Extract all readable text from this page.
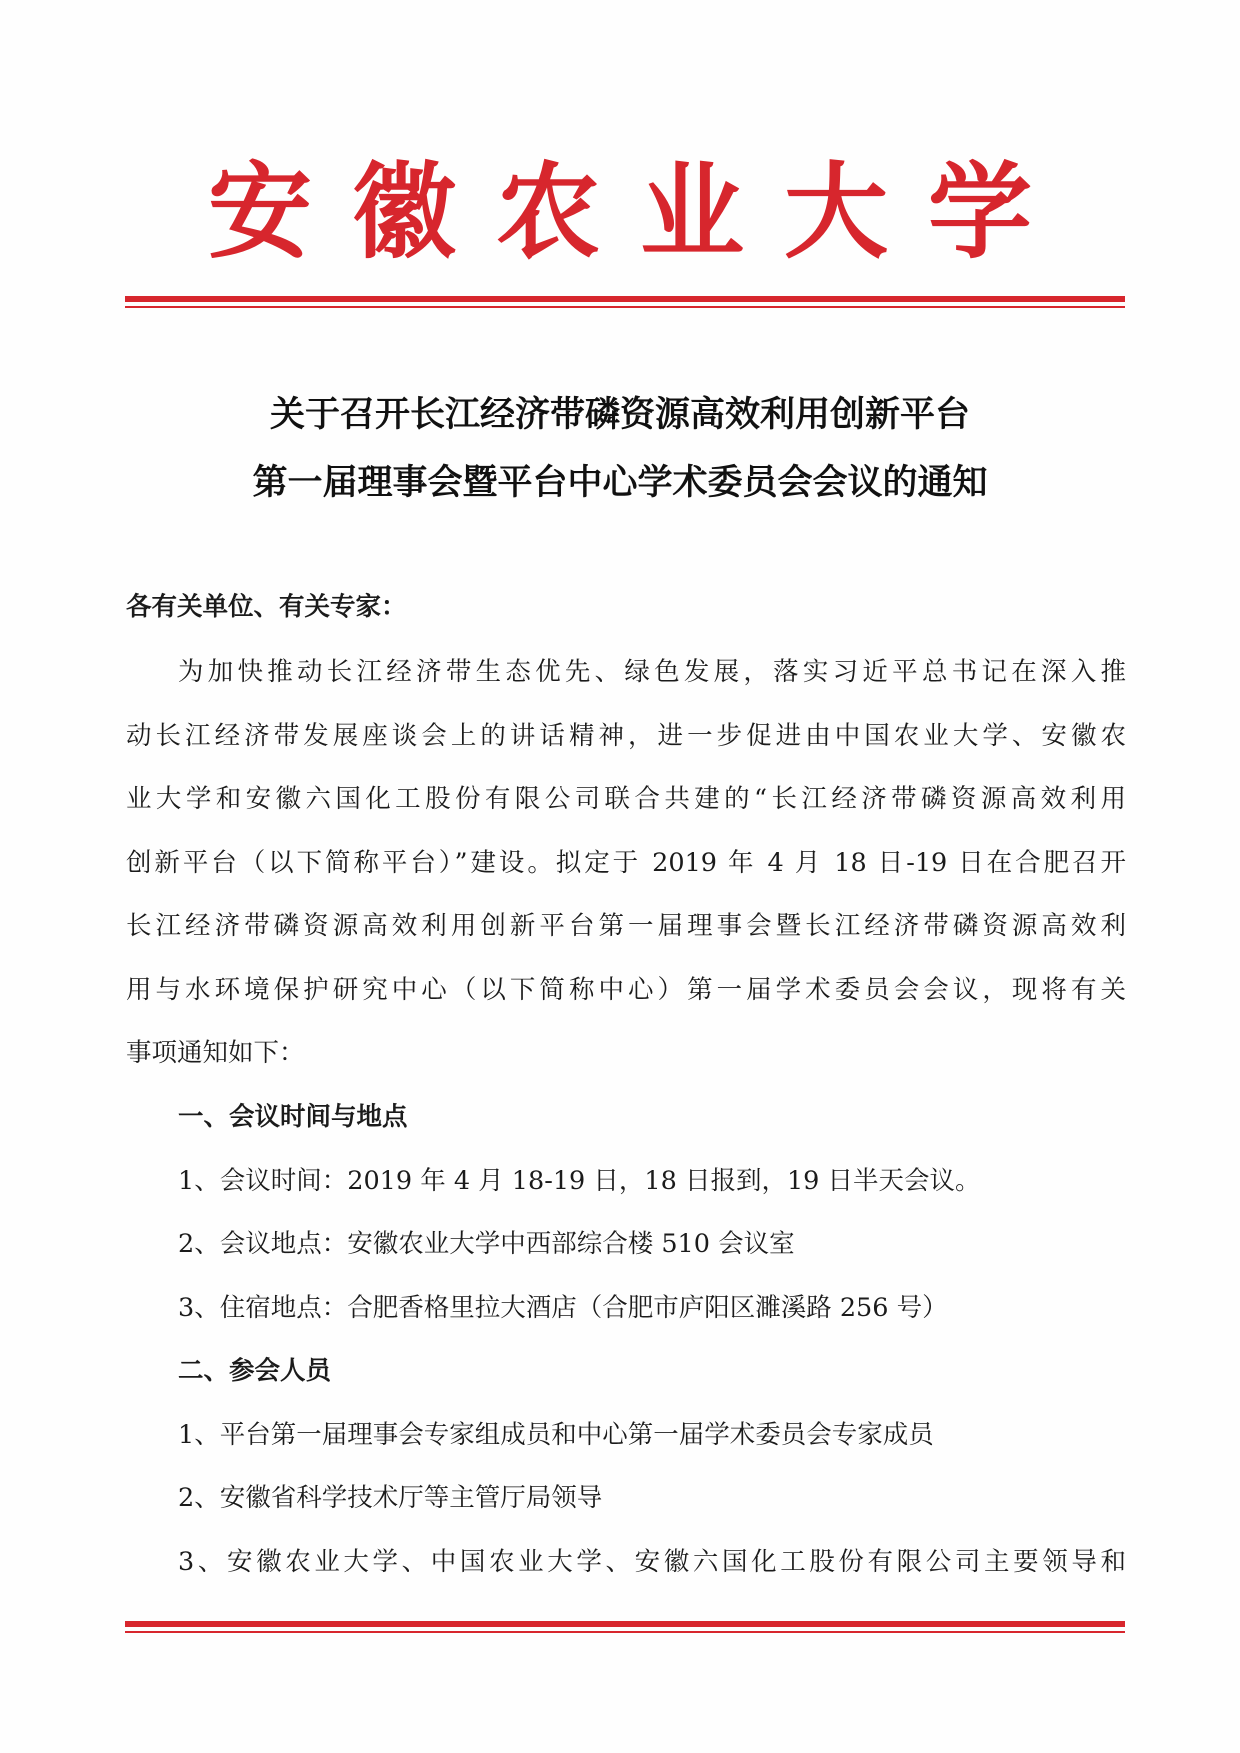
安徽农业大学
关于召开长江经济带磷资源高效利用创新平台
第一届理事会暨平台中心学术委员会会议的通知
各有关单位、有关专家：
为加快推动长江经济带生态优先、绿色发展，落实习近平总书记在深入推
动长江经济带发展座谈会上的讲话精神，进一步促进由中国农业大学、安徽农
业大学和安徽六国化工股份有限公司联合共建的“长江经济带磷资源高效利用
创新平台（以下简称平台）”建设。拟定于 2019 年 4 月 18 日-19 日在合肥召开
长江经济带磷资源高效利用创新平台第一届理事会暨长江经济带磷资源高效利
用与水环境保护研究中心（以下简称中心）第一届学术委员会会议，现将有关
事项通知如下：
一、会议时间与地点
1、会议时间：2019 年 4 月 18-19 日，18 日报到，19 日半天会议。
2、会议地点：安徽农业大学中西部综合楼 510 会议室
3、住宿地点：合肥香格里拉大酒店（合肥市庐阳区濉溪路 256 号）
二、参会人员
1、平台第一届理事会专家组成员和中心第一届学术委员会专家成员
2、安徽省科学技术厅等主管厅局领导
3、安徽农业大学、中国农业大学、安徽六国化工股份有限公司主要领导和
